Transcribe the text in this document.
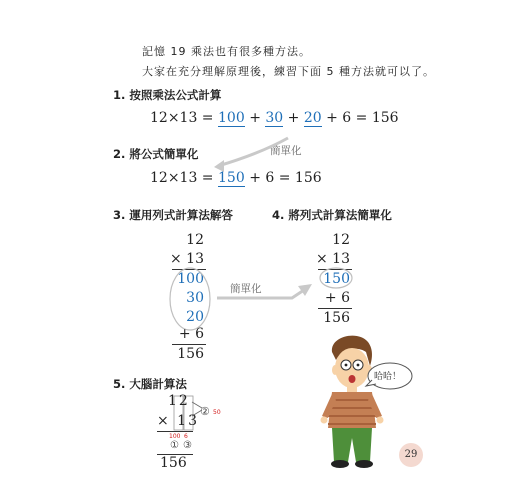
記憶 19 乘法也有很多種方法。
大家在充分理解原理後，練習下面 5 種方法就可以了。
1. 按照乘法公式計算
12×13 = 100 + 30 + 20 + 6 = 156
2. 將公式簡單化	簡單化
12×13 = 150 + 6 = 156
3. 運用列式計算法解答
12
× 13
100
30
20
+ 6
156
簡單化
4. 將列式計算法簡單化
12
× 13
150
+ 6
156
5. 大腦計算法
12
② 50
× 13
100 6
① ③
156
哈哈！
29
